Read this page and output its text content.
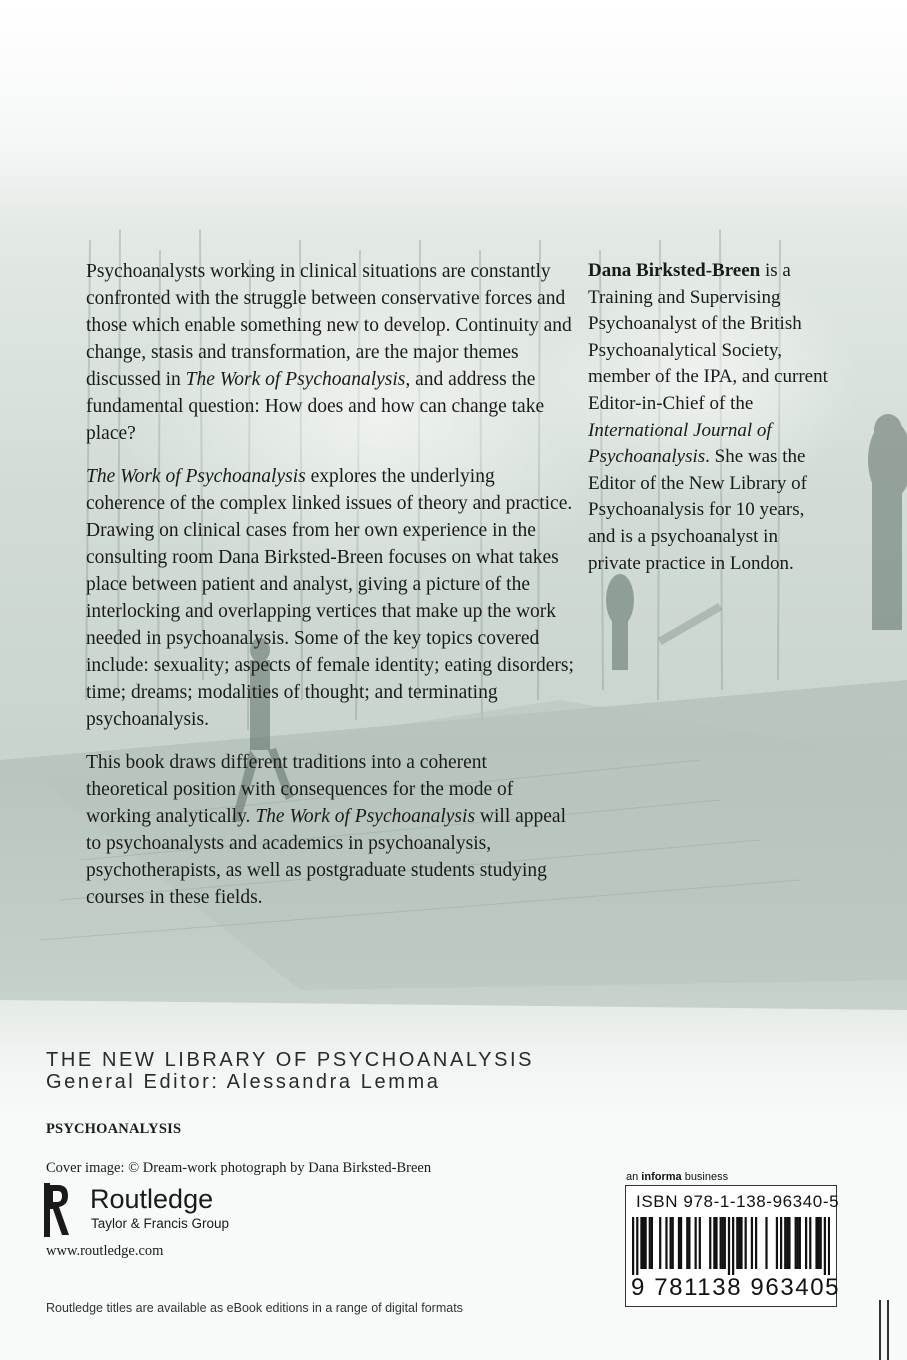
Psychoanalysts working in clinical situations are constantly confronted with the struggle between conservative forces and those which enable something new to develop. Continuity and change, stasis and transformation, are the major themes discussed in The Work of Psychoanalysis, and address the fundamental question: How does and how can change take place?

The Work of Psychoanalysis explores the underlying coherence of the complex linked issues of theory and practice. Drawing on clinical cases from her own experience in the consulting room Dana Birksted-Breen focuses on what takes place between patient and analyst, giving a picture of the interlocking and overlapping vertices that make up the work needed in psychoanalysis. Some of the key topics covered include: sexuality; aspects of female identity; eating disorders; time; dreams; modalities of thought; and terminating psychoanalysis.

This book draws different traditions into a coherent theoretical position with consequences for the mode of working analytically. The Work of Psychoanalysis will appeal to psychoanalysts and academics in psychoanalysis, psychotherapists, as well as postgraduate students studying courses in these fields.

Dana Birksted-Breen is a Training and Supervising Psychoanalyst of the British Psychoanalytical Society, member of the IPA, and current Editor-in-Chief of the International Journal of Psychoanalysis. She was the Editor of the New Library of Psychoanalysis for 10 years, and is a psychoanalyst in private practice in London.

THE NEW LIBRARY OF PSYCHOANALYSIS
General Editor: Alessandra Lemma
PSYCHOANALYSIS
Cover image: © Dream-work photograph by Dana Birksted-Breen
Routledge
Taylor & Francis Group
www.routledge.com
Routledge titles are available as eBook editions in a range of digital formats
an informa business
ISBN 978-1-138-96340-5
9 781138 963405
